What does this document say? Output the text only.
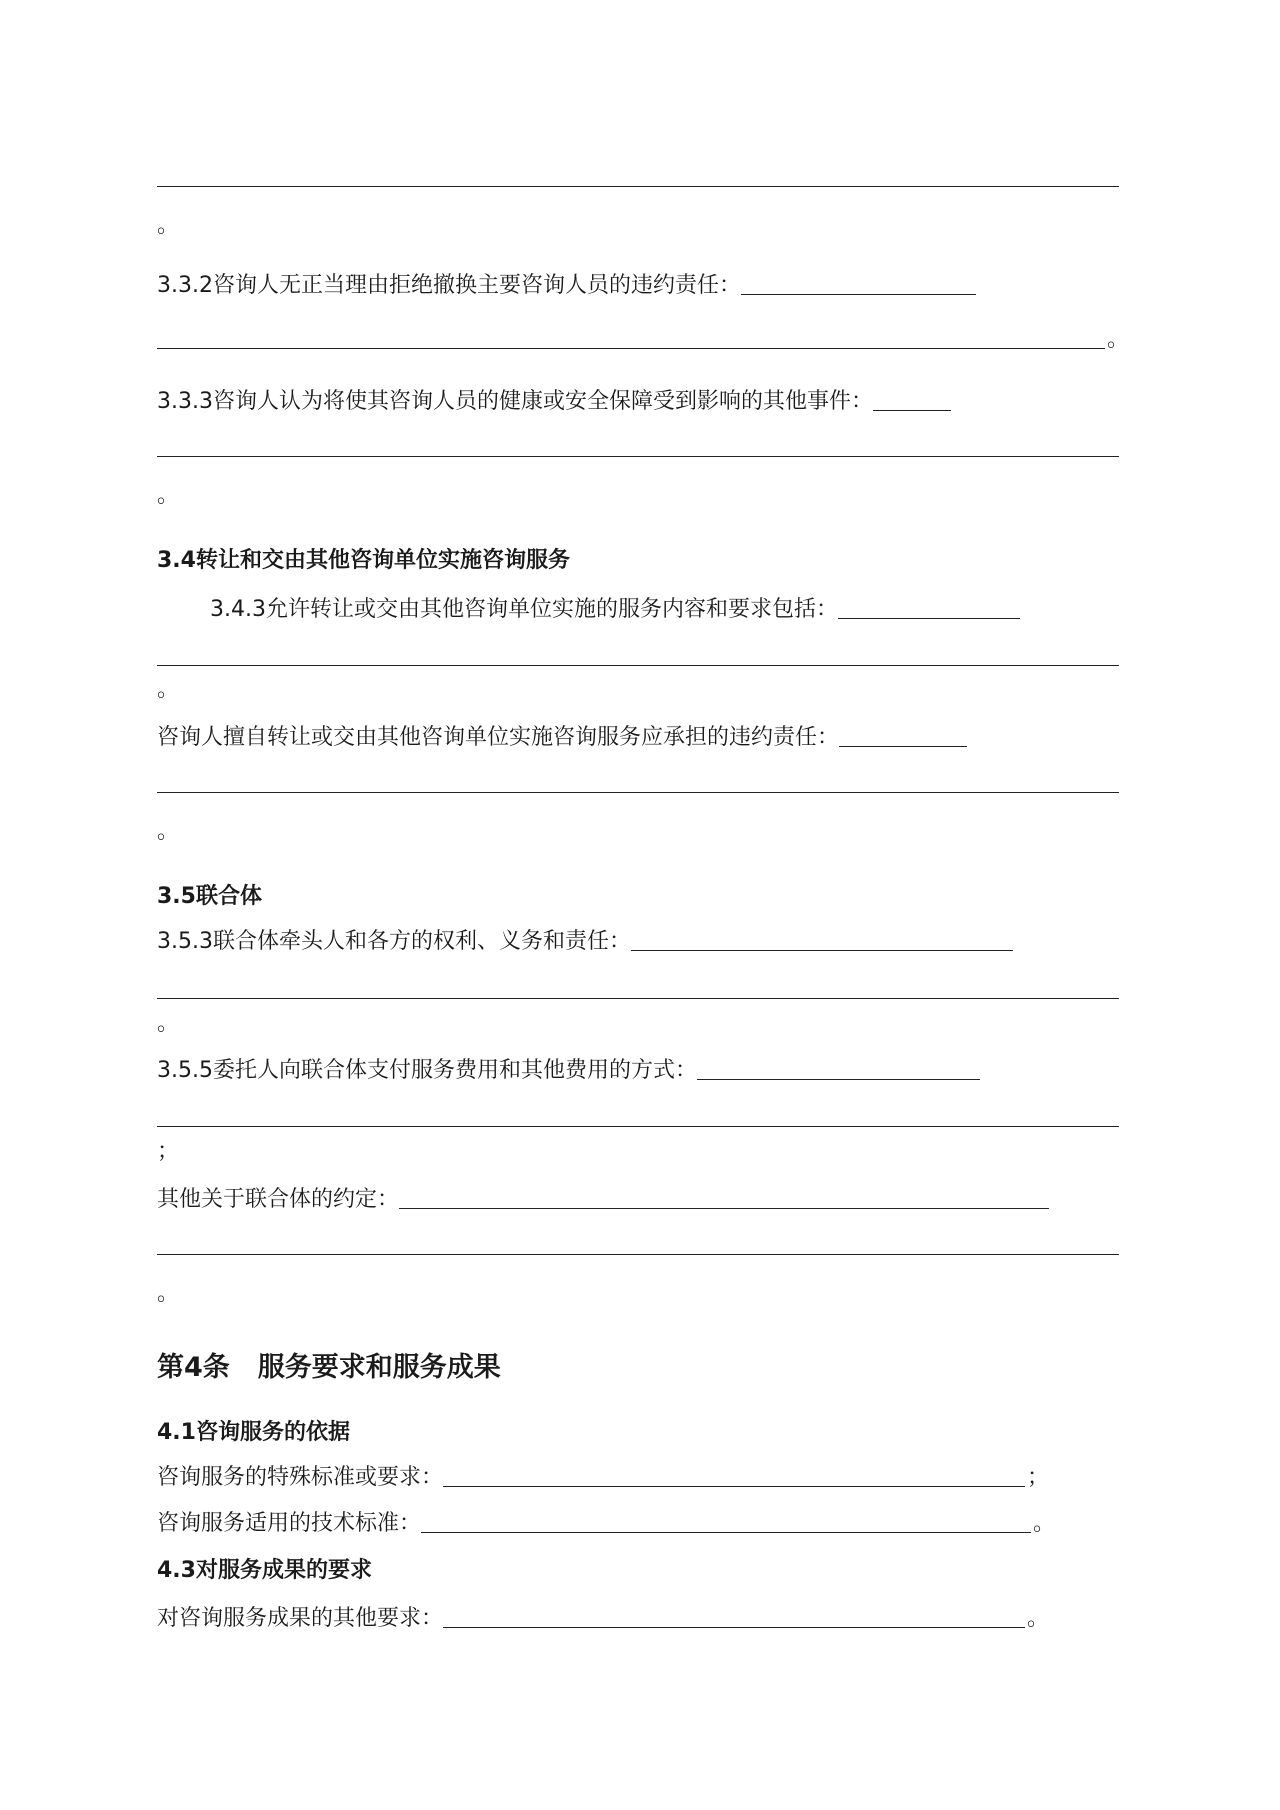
。
3.3.2咨询人无正当理由拒绝撤换主要咨询人员的违约责任：
。
3.3.3咨询人认为将使其咨询人员的健康或安全保障受到影响的其他事件：
。
3.4转让和交由其他咨询单位实施咨询服务
3.4.3允许转让或交由其他咨询单位实施的服务内容和要求包括：
。
咨询人擅自转让或交由其他咨询单位实施咨询服务应承担的违约责任：
。
3.5联合体
3.5.3联合体牵头人和各方的权利、义务和责任：
。
3.5.5委托人向联合体支付服务费用和其他费用的方式：
；
其他关于联合体的约定：
。
第4条 服务要求和服务成果
4.1咨询服务的依据
咨询服务的特殊标准或要求：	；
咨询服务适用的技术标准：	。
4.3对服务成果的要求
对咨询服务成果的其他要求：	。
